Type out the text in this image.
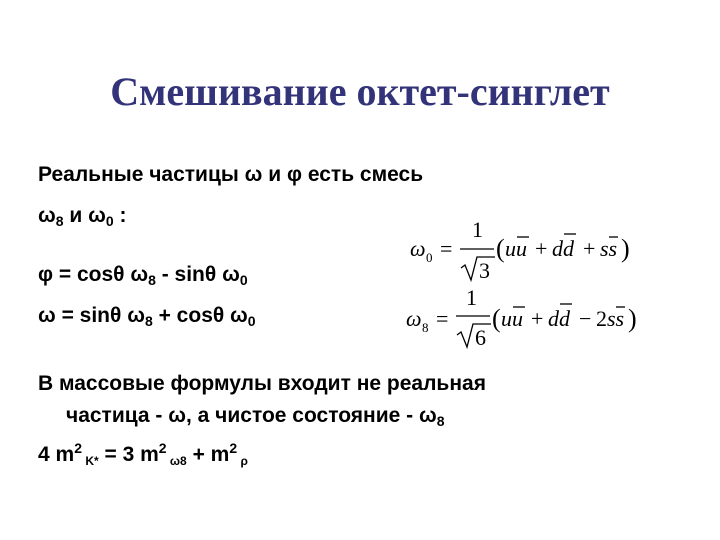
Смешивание октет-синглет
Реальные частицы ω и φ есть смесь
$\omega_8$ и $\omega_0$ :
φ = cosθ $\omega_8$ - sinθ $\omega_0$
ω = sinθ $\omega_8 + \cos\theta$ $\omega_0$
В массовые формулы входит не реальная
частица - ω, а чистое состояние - $\omega_8$
4 $m^2$ $_{K*}$ = 3 $m^2$ $_{\omega 8} + m^2$ $_\rho$
ω 0 =
1
3
( uu + dd + ss )
ω 8 =
1
6
( uu + dd − 2 ss )
